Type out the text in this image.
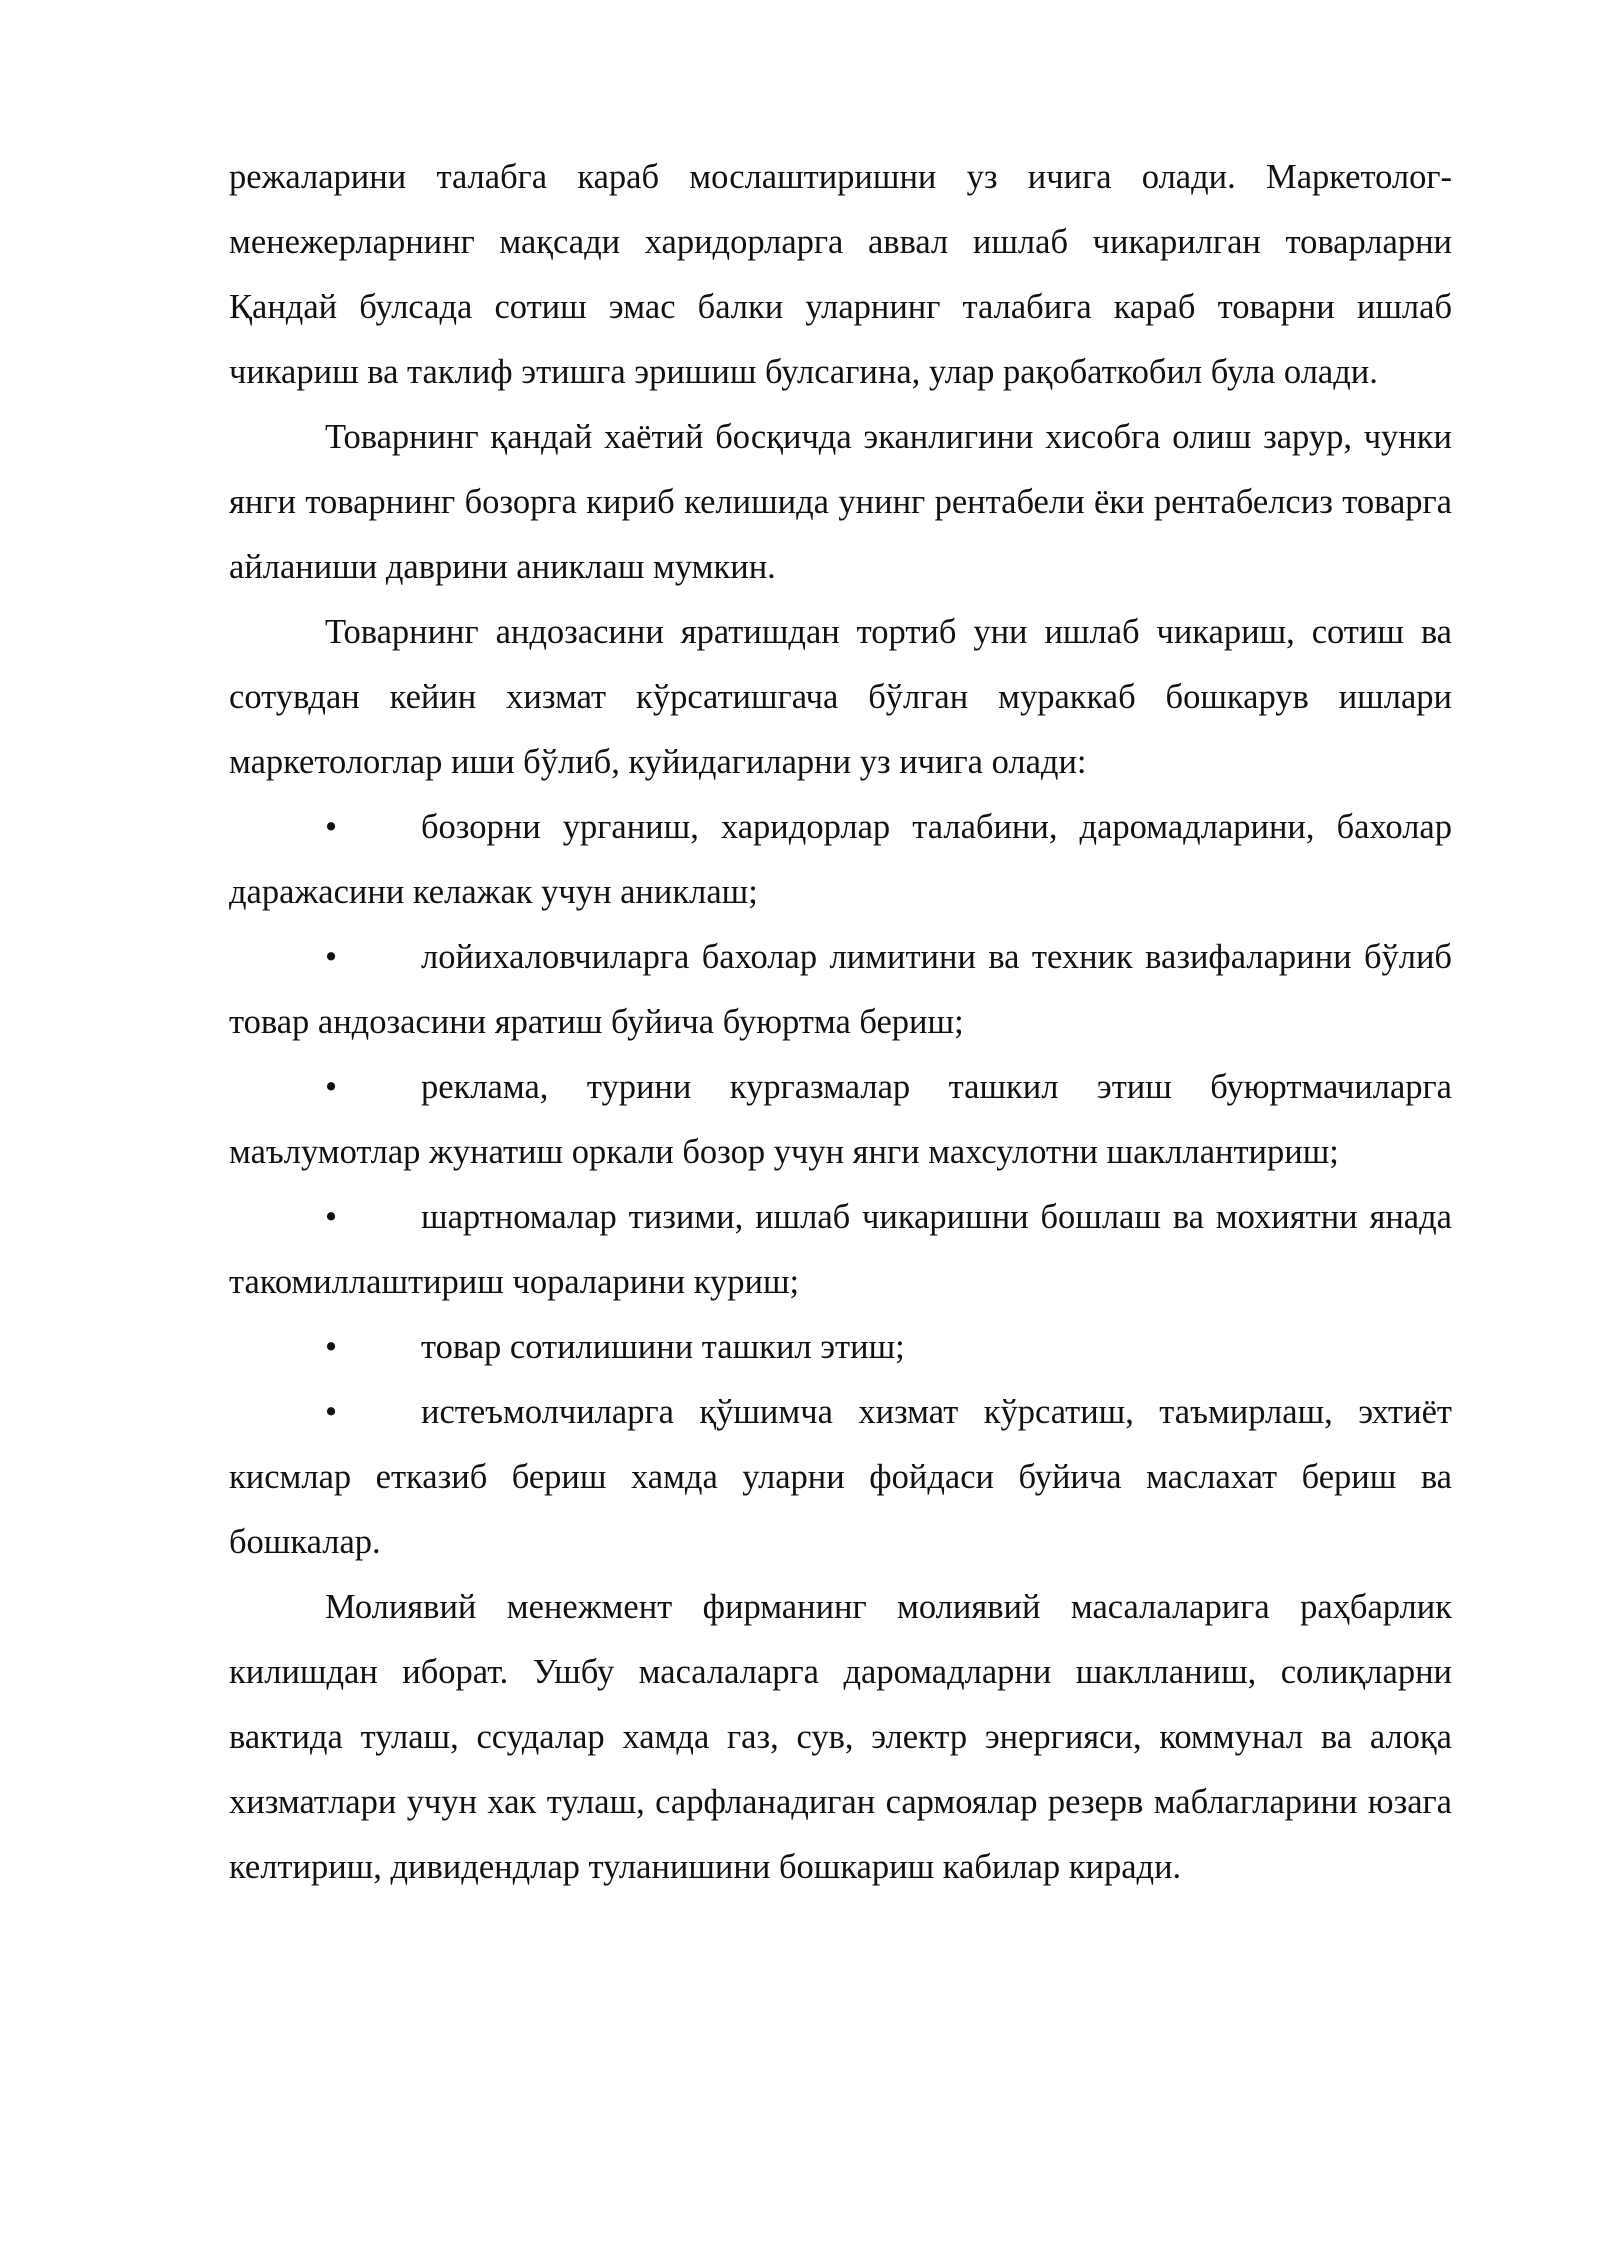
режаларини талабга караб мослаштиришни уз ичига олади. Маркетолог-менежерларнинг мақсади харидорларга аввал ишлаб чикарилган товарларни Қандай булсада сотиш эмас балки уларнинг талабига караб товарни ишлаб чикариш ва таклиф этишга эришиш булсагина, улар рақобаткобил була олади.

Товарнинг қандай хаётий босқичда эканлигини хисобга олиш зарур, чунки янги товарнинг бозорга кириб келишида унинг рентабели ёки рентабелсиз товарга айланиши даврини аниклаш мумкин.

Товарнинг андозасини яратишдан тортиб уни ишлаб чикариш, сотиш ва сотувдан кейин хизмат кўрсатишгача бўлган мураккаб бошкарув ишлари маркетологлар иши бўлиб, куйидагиларни уз ичига олади:

• бозорни урганиш, харидорлар талабини, даромадларини, бахолар даражасини келажак учун аниклаш;

• лойихаловчиларга бахолар лимитини ва техник вазифаларини бўлиб товар андозасини яратиш буйича буюртма бериш;

• реклама, турини кургазмалар ташкил этиш буюртмачиларга маълумотлар жунатиш оркали бозор учун янги махсулотни шакллантириш;

• шартномалар тизими, ишлаб чикаришни бошлаш ва мохиятни янада такомиллаштириш чораларини куриш;

• товар сотилишини ташкил этиш;

• истеъмолчиларга қўшимча хизмат кўрсатиш, таъмирлаш, эхтиёт кисмлар етказиб бериш хамда уларни фойдаси буйича маслахат бериш ва бошкалар.

Молиявий менежмент фирманинг молиявий масалаларига раҳбарлик килишдан иборат. Ушбу масалаларга даромадларни шаклланиш, солиқларни вактида тулаш, ссудалар хамда газ, сув, электр энергияси, коммунал ва алоқа хизматлари учун хак тулаш, сарфланадиган сармоялар резерв маблагларини юзага келтириш, дивидендлар туланишини бошкариш кабилар киради.
